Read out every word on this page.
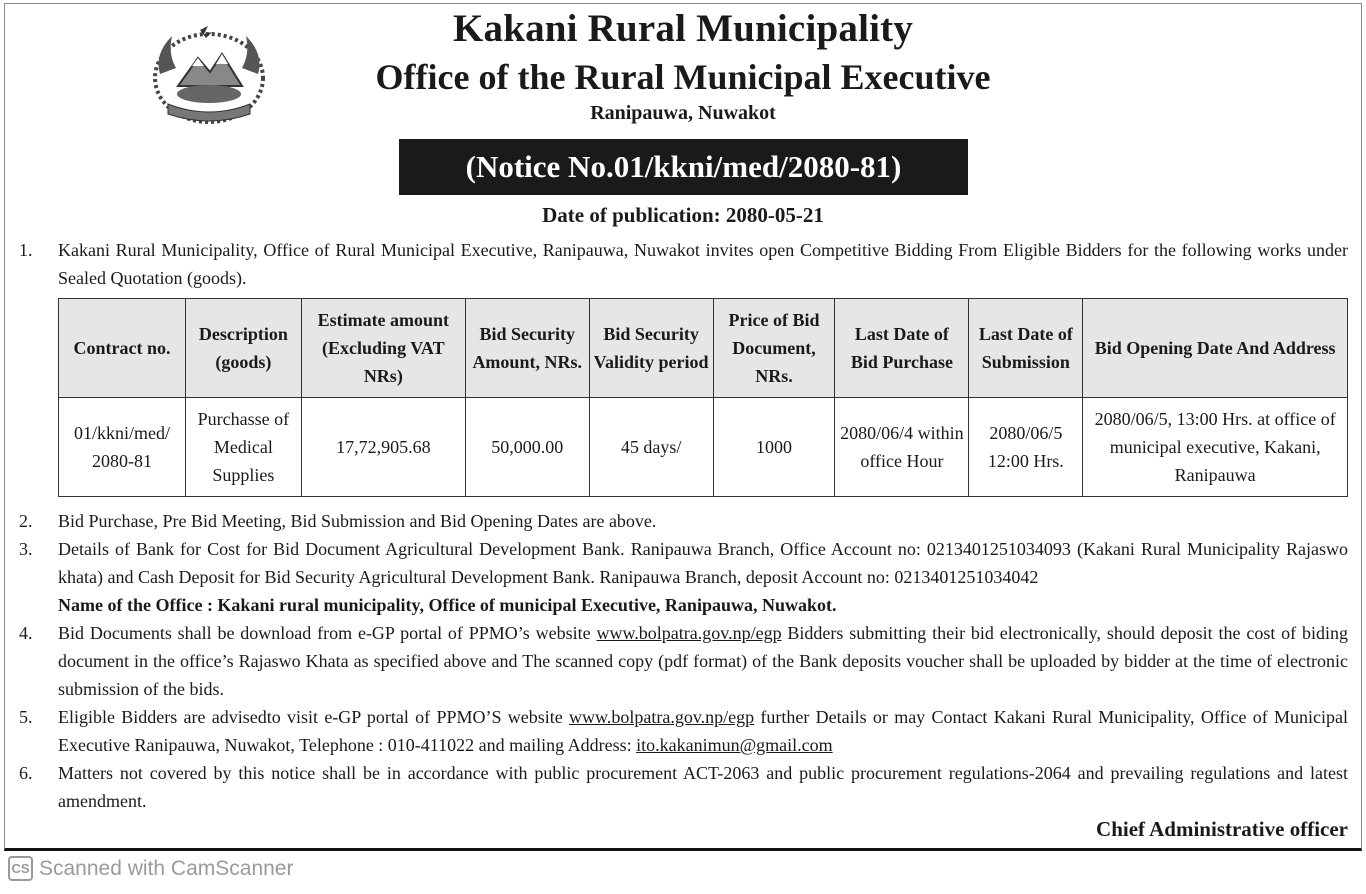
Kakani Rural Municipality
Office of the Rural Municipal Executive
Ranipauwa, Nuwakot
(Notice No.01/kkni/med/2080-81)
Date of publication: 2080-05-21
1. Kakani Rural Municipality, Office of Rural Municipal Executive, Ranipauwa, Nuwakot invites open Competitive Bidding From Eligible Bidders for the following works under Sealed Quotation (goods).
Contract no.	Description (goods)	Estimate amount (Excluding VAT NRs)	Bid Security Amount, NRs.	Bid Security Validity period	Price of Bid Document, NRs.	Last Date of Bid Purchase	Last Date of Submission	Bid Opening Date And Address
01/kkni/med/ 2080-81	Purchasse of Medical Supplies	17,72,905.68	50,000.00	45 days/	1000	2080/06/4 within office Hour	2080/06/5 12:00 Hrs.	2080/06/5, 13:00 Hrs. at office of municipal executive, Kakani, Ranipauwa
2. Bid Purchase, Pre Bid Meeting, Bid Submission and Bid Opening Dates are above.
3. Details of Bank for Cost for Bid Document Agricultural Development Bank. Ranipauwa Branch, Office Account no: 0213401251034093 (Kakani Rural Municipality Rajaswo khata) and Cash Deposit for Bid Security Agricultural Development Bank. Ranipauwa Branch, deposit Account no: 0213401251034042
Name of the Office : Kakani rural municipality, Office of municipal Executive, Ranipauwa, Nuwakot.
4. Bid Documents shall be download from e-GP portal of PPMO’s website www.bolpatra.gov.np/egp Bidders submitting their bid electronically, should deposit the cost of biding document in the office’s Rajaswo Khata as specified above and The scanned copy (pdf format) of the Bank deposits voucher shall be uploaded by bidder at the time of electronic submission of the bids.
5. Eligible Bidders are advisedto visit e-GP portal of PPMO’S website www.bolpatra.gov.np/egp further Details or may Contact Kakani Rural Municipality, Office of Municipal Executive Ranipauwa, Nuwakot, Telephone : 010-411022 and mailing Address: ito.kakanimun@gmail.com
6. Matters not covered by this notice shall be in accordance with public procurement ACT-2063 and public procurement regulations-2064 and prevailing regulations and latest amendment.
Chief Administrative officer
CS Scanned with CamScanner
